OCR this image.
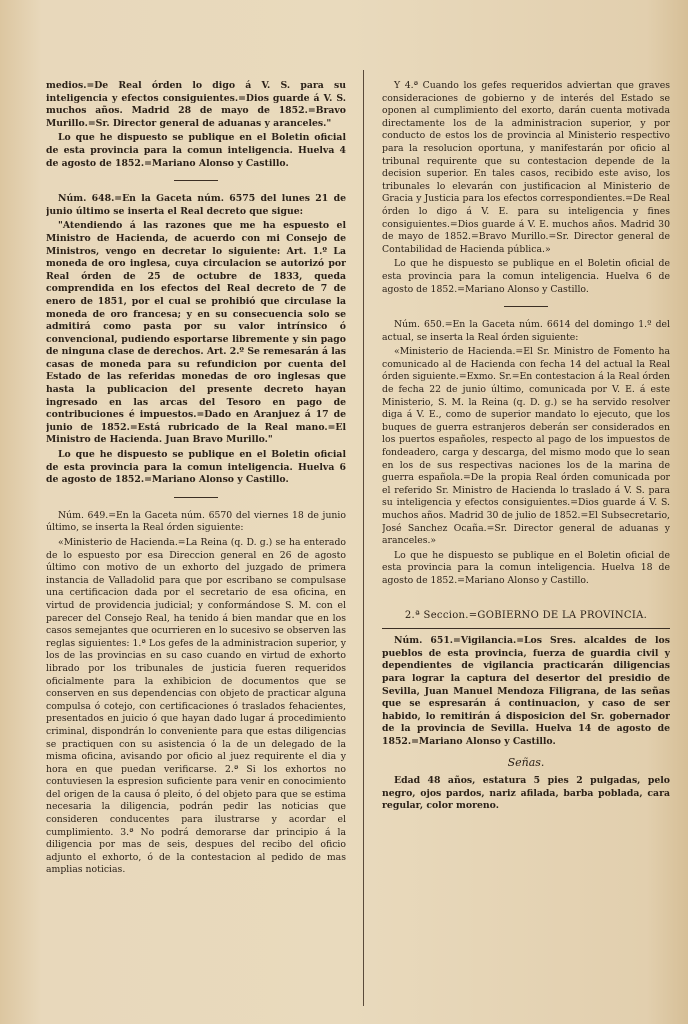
medios.=De Real órden lo digo á V. S. para su inteligencia y efectos consiguientes.=Dios guarde á V. S. muchos años. Madrid 28 de mayo de 1852.=Bravo Murillo.=Sr. Director general de aduanas y aranceles."

Lo que he dispuesto se publique en el Boletin oficial de esta provincia para la comun inteligencia. Huelva 4 de agosto de 1852.=Mariano Alonso y Castillo.

Núm. 648.=En la Gaceta núm. 6575 del lunes 21 de junio último se inserta el Real decreto que sigue:

"Atendiendo á las razones que me ha espuesto el Ministro de Hacienda, de acuerdo con mi Consejo de Ministros, vengo en decretar lo siguiente: Art. 1.º La moneda de oro inglesa, cuya circulacion se autorizó por Real órden de 25 de octubre de 1833, queda comprendida en los efectos del Real decreto de 7 de enero de 1851, por el cual se prohibió que circulase la moneda de oro francesa; y en su consecuencia solo se admitirá como pasta por su valor intrínsico ó convencional, pudiendo esportarse libremente y sin pago de ninguna clase de derechos. Art. 2.º Se remesarán á las casas de moneda para su refundicion por cuenta del Estado de las referidas monedas de oro inglesas que hasta la publicacion del presente decreto hayan ingresado en las arcas del Tesoro en pago de contribuciones é impuestos.=Dado en Aranjuez á 17 de junio de 1852.=Está rubricado de la Real mano.=El Ministro de Hacienda. Juan Bravo Murillo."

Lo que he dispuesto se publique en el Boletin oficial de esta provincia para la comun inteligencia. Huelva 6 de agosto de 1852.=Mariano Alonso y Castillo.

Núm. 649.=En la Gaceta núm. 6570 del viernes 18 de junio último, se inserta la Real órden siguiente:

«Ministerio de Hacienda.=La Reina (q. D. g.) se ha enterado de lo espuesto por esa Direccion general en 26 de agosto último con motivo de un exhorto del juzgado de primera instancia de Valladolid para que por escribano se compulsase una certificacion dada por el secretario de esa oficina, en virtud de providencia judicial; y conformándose S. M. con el parecer del Consejo Real, ha tenido á bien mandar que en los casos semejantes que ocurrieren en lo sucesivo se observen las reglas siguientes: 1.ª Los gefes de la administracion superior, y los de las provincias en su caso cuando en virtud de exhorto librado por los tribunales de justicia fueren requeridos oficialmente para la exhibicion de documentos que se conserven en sus dependencias con objeto de practicar alguna compulsa ó cotejo, con certificaciones ó traslados fehacientes, presentados en juicio ó que hayan dado lugar á procedimiento criminal, dispondrán lo conveniente para que estas diligencias se practiquen con su asistencia ó la de un delegado de la misma oficina, avisando por oficio al juez requirente el dia y hora en que puedan verificarse. 2.ª Si los exhortos no contuviesen la espresion suficiente para venir en conocimiento del origen de la causa ó pleito, ó del objeto para que se estima necesaria la diligencia, podrán pedir las noticias que consideren conducentes para ilustrarse y acordar el cumplimiento. 3.ª No podrá demorarse dar principio á la diligencia por mas de seis, despues del recibo del oficio adjunto el exhorto, ó de la contestacion al pedido de mas amplias noticias.

Y 4.ª Cuando los gefes requeridos adviertan que graves consideraciones de gobierno y de interés del Estado se oponen al cumplimiento del exorto, darán cuenta motivada directamente los de la administracion superior, y por conducto de estos los de provincia al Ministerio respectivo para la resolucion oportuna, y manifestarán por oficio al tribunal requirente que su contestacion depende de la decision superior. En tales casos, recibido este aviso, los tribunales lo elevarán con justificacion al Ministerio de Gracia y Justicia para los efectos correspondientes.=De Real órden lo digo á V. E. para su inteligencia y fines consiguientes.=Dios guarde á V. E. muchos años. Madrid 30 de mayo de 1852.=Bravo Murillo.=Sr. Director general de Contabilidad de Hacienda pública.»

Lo que he dispuesto se publique en el Boletin oficial de esta provincia para la comun inteligencia. Huelva 6 de agosto de 1852.=Mariano Alonso y Castillo.

Núm. 650.=En la Gaceta núm. 6614 del domingo 1.º del actual, se inserta la Real órden siguiente:

«Ministerio de Hacienda.=El Sr. Ministro de Fomento ha comunicado al de Hacienda con fecha 14 del actual la Real órden siguiente.=Exmo. Sr.=En contestacion á la Real órden de fecha 22 de junio último, comunicada por V. E. á este Ministerio, S. M. la Reina (q. D. g.) se ha servido resolver diga á V. E., como de superior mandato lo ejecuto, que los buques de guerra estranjeros deberán ser considerados en los puertos españoles, respecto al pago de los impuestos de fondeadero, carga y descarga, del mismo modo que lo sean en los de sus respectivas naciones los de la marina de guerra española.=De la propia Real órden comunicada por el referido Sr. Ministro de Hacienda lo traslado á V. S. para su inteligencia y efectos consiguientes.=Dios guarde á V. S. muchos años. Madrid 30 de julio de 1852.=El Subsecretario, José Sanchez Ocaña.=Sr. Director general de aduanas y aranceles.»

Lo que he dispuesto se publique en el Boletin oficial de esta provincia para la comun inteligencia. Huelva 18 de agosto de 1852.=Mariano Alonso y Castillo.

2.ª Seccion.=GOBIERNO DE LA PROVINCIA.

Núm. 651.=Vigilancia.=Los Sres. alcaldes de los pueblos de esta provincia, fuerza de guardia civil y dependientes de vigilancia practicarán diligencias para lograr la captura del desertor del presidio de Sevilla, Juan Manuel Mendoza Filigrana, de las señas que se espresarán á continuacion, y caso de ser habido, lo remitirán á disposicion del Sr. gobernador de la provincia de Sevilla. Huelva 14 de agosto de 1852.=Mariano Alonso y Castillo.

Señas.

Edad 48 años, estatura 5 pies 2 pulgadas, pelo negro, ojos pardos, nariz afilada, barba poblada, cara regular, color moreno.
